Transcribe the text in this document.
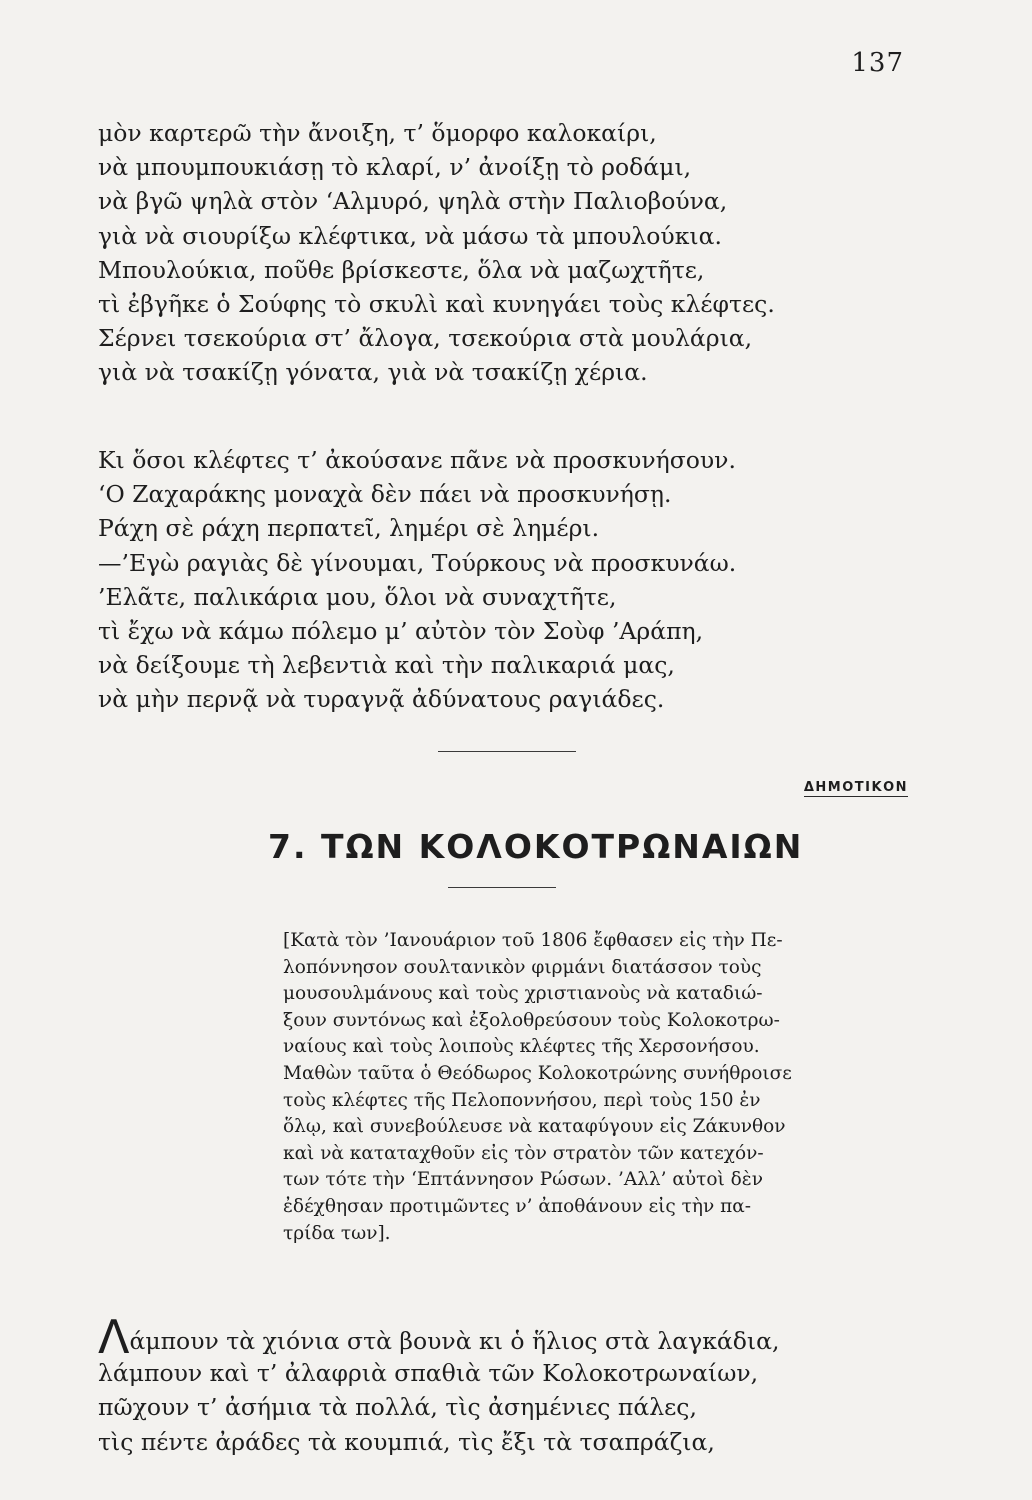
137
μὸν καρτερῶ τὴν ἄνοιξη, τ’ ὅμορφο καλοκαίρι,
νὰ μπουμπουκιάσῃ τὸ κλαρί, ν’ ἀνοίξῃ τὸ ροδάμι,
νὰ βγῶ ψηλὰ στὸν ‘Αλμυρό, ψηλὰ στὴν Παλιοβούνα,
γιὰ νὰ σιουρίξω κλέφτικα, νὰ μάσω τὰ μπουλούκια.
Μπουλούκια, ποῦθε βρίσκεστε, ὅλα νὰ μαζωχτῆτε,
τὶ ἐβγῆκε ὁ Σούφης τὸ σκυλὶ καὶ κυνηγάει τοὺς κλέφτες.
Σέρνει τσεκούρια στ’ ἄλογα, τσεκούρια στὰ μουλάρια,
γιὰ νὰ τσακίζῃ γόνατα, γιὰ νὰ τσακίζῃ χέρια.
Κι ὅσοι κλέφτες τ’ ἀκούσανε πᾶνε νὰ προσκυνήσουν.
‘Ο Ζαχαράκης μοναχὰ δὲν πάει νὰ προσκυνήσῃ.
Ράχη σὲ ράχη περπατεῖ, λημέρι σὲ λημέρι.
—’Εγὼ ραγιὰς δὲ γίνουμαι, Τούρκους νὰ προσκυνάω.
’Ελᾶτε, παλικάρια μου, ὅλοι νὰ συναχτῆτε,
τὶ ἔχω νὰ κάμω πόλεμο μ’ αὐτὸν τὸν Σοὺφ ’Αράπη,
νὰ δείξουμε τὴ λεβεντιὰ καὶ τὴν παλικαριά μας,
νὰ μὴν περνᾷ νὰ τυραγνᾷ ἀδύνατους ραγιάδες.
ΔΗΜΟΤΙΚΟΝ
7. ΤΩΝ ΚΟΛΟΚΟΤΡΩΝΑΙΩΝ
[Κατὰ τὸν ’Ιανουάριον τοῦ 1806 ἔφθασεν εἰς τὴν Πε-
λοπόννησον σουλτανικὸν φιρμάνι διατάσσον τοὺς
μουσουλμάνους καὶ τοὺς χριστιανοὺς νὰ καταδιώ-
ξουν συντόνως καὶ ἐξολοθρεύσουν τοὺς Κολοκοτρω-
ναίους καὶ τοὺς λοιποὺς κλέφτες τῆς Χερσονήσου.
Μαθὼν ταῦτα ὁ Θεόδωρος Κολοκοτρώνης συνήθροισε
τοὺς κλέφτες τῆς Πελοποννήσου, περὶ τοὺς 150 ἐν
ὅλῳ, καὶ συνεβούλευσε νὰ καταφύγουν εἰς Ζάκυνθον
καὶ νὰ καταταχθοῦν εἰς τὸν στρατὸν τῶν κατεχόν-
των τότε τὴν ‘Επτάννησον Ρώσων. ’Αλλ’ αὐτοὶ δὲν
ἐδέχθησαν προτιμῶντες ν’ ἀποθάνουν εἰς τὴν πα-
τρίδα των].
Λάμπουν τὰ χιόνια στὰ βουνὰ κι ὁ ἥλιος στὰ λαγκάδια,
λάμπουν καὶ τ’ ἀλαφριὰ σπαθιὰ τῶν Κολοκοτρωναίων,
πῶχουν τ’ ἀσήμια τὰ πολλά, τὶς ἀσημένιες πάλες,
τὶς πέντε ἀράδες τὰ κουμπιά, τὶς ἔξι τὰ τσαπράζια,
